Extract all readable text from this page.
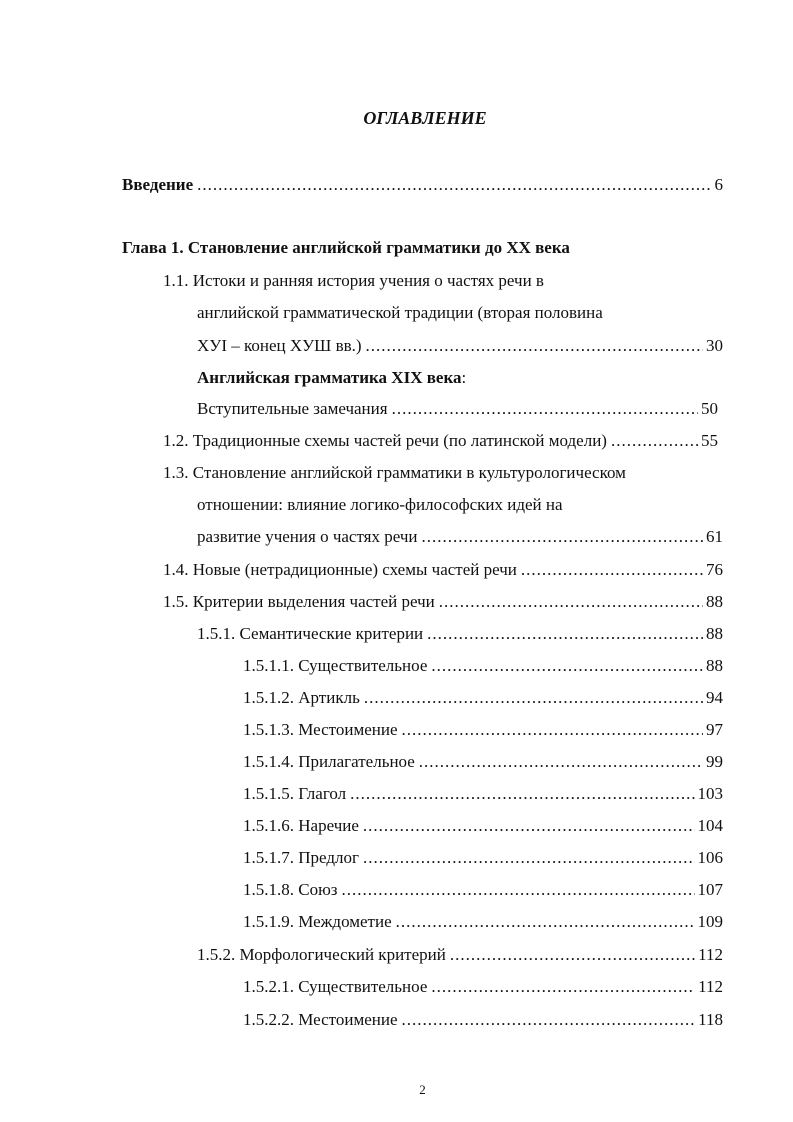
ОГЛАВЛЕНИЕ
Введение .....	6
Глава 1. Становление английской грамматики до XX века
1.1. Истоки и ранняя история учения о частях речи в
английской грамматической традиции (вторая половина
ХУI – конец ХУШ вв.) .....	30
Английская грамматика XIX века:
Вступительные замечания .....	50
1.2. Традиционные схемы частей речи (по латинской модели) .....	55
1.3. Становление английской грамматики в культурологическом
отношении: влияние логико-философских идей на
развитие учения о частях речи .....	61
1.4. Новые (нетрадиционные) схемы частей речи .....	76
1.5. Критерии выделения частей речи .....	88
1.5.1. Семантические критерии .....	88
1.5.1.1. Существительное .....	88
1.5.1.2. Артикль .....	94
1.5.1.3. Местоимение .....	97
1.5.1.4. Прилагательное .....	99
1.5.1.5. Глагол .....	103
1.5.1.6. Наречие .....	104
1.5.1.7. Предлог .....	106
1.5.1.8. Союз .....	107
1.5.1.9. Междометие .....	109
1.5.2. Морфологический критерий .....	112
1.5.2.1. Существительное .....	112
1.5.2.2. Местоимение .....	118
2
